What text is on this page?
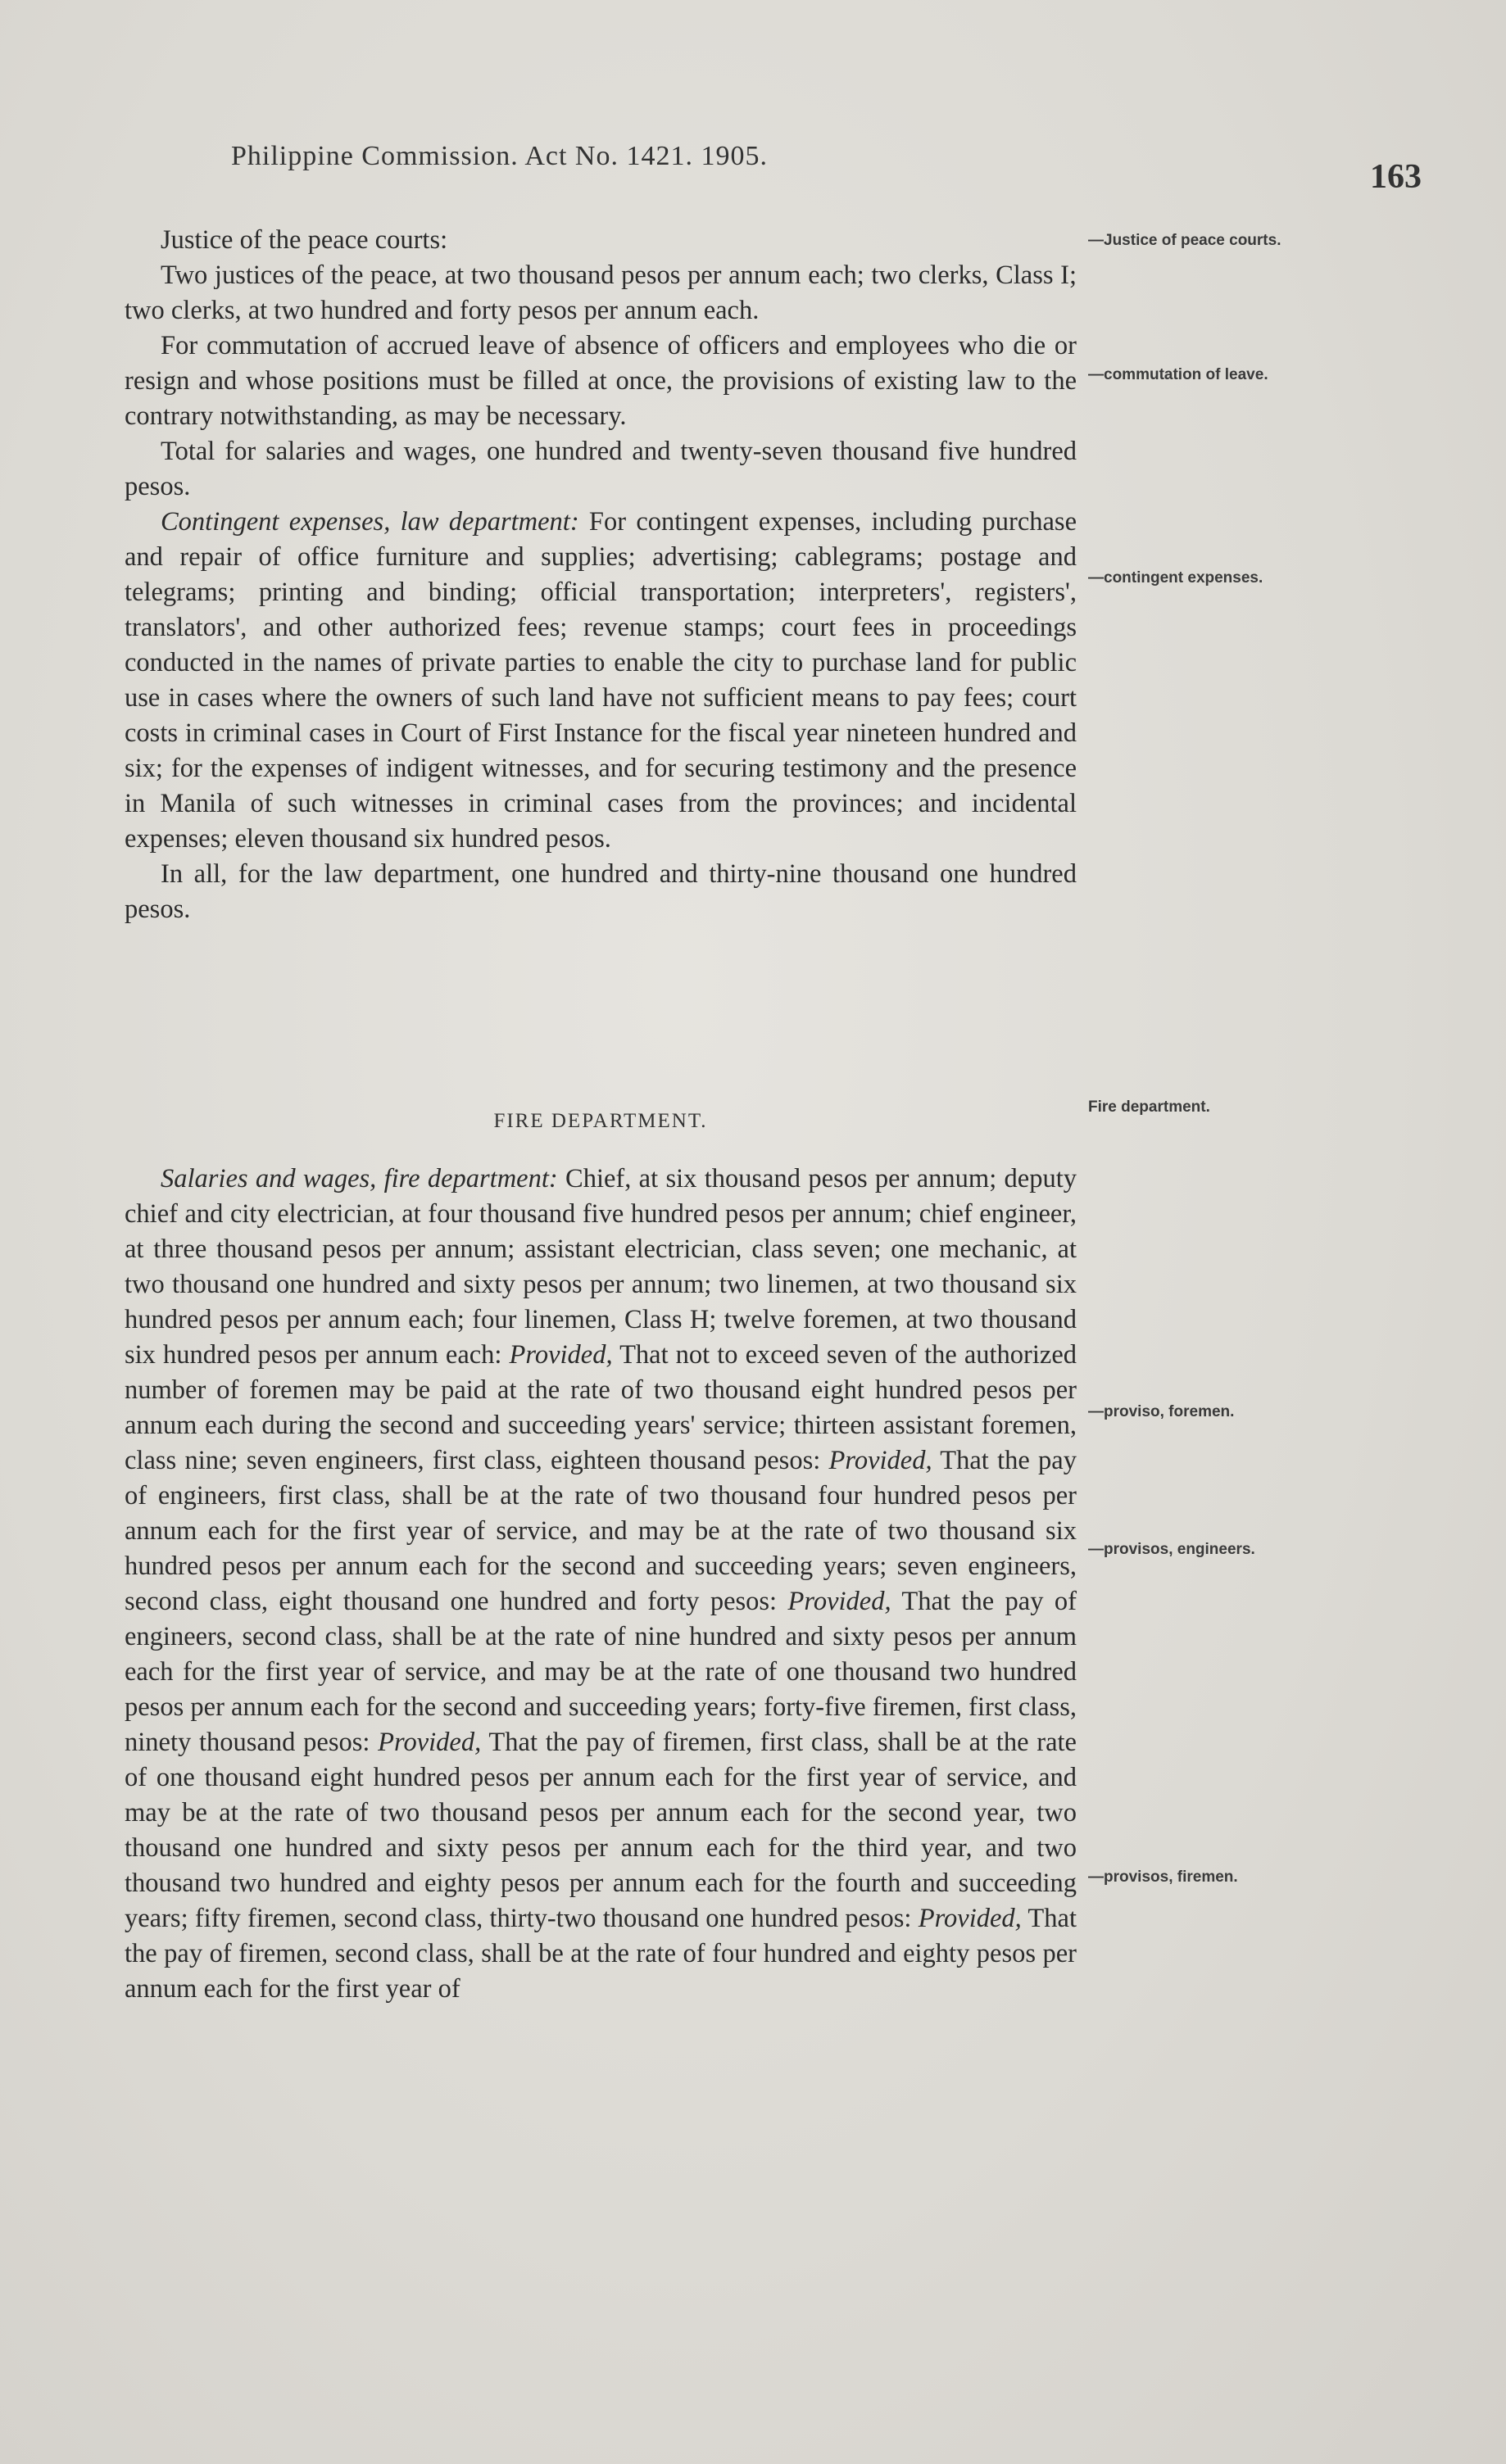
Philippine Commission. Act No. 1421. 1905.
163

Justice of the peace courts:

Two justices of the peace, at two thousand pesos per annum each; two clerks, Class I; two clerks, at two hundred and forty pesos per annum each.

For commutation of accrued leave of absence of officers and employees who die or resign and whose positions must be filled at once, the provisions of existing law to the contrary notwithstanding, as may be necessary.

Total for salaries and wages, one hundred and twenty-seven thousand five hundred pesos.

Contingent expenses, law department: For contingent expenses, including purchase and repair of office furniture and supplies; advertising; cablegrams; postage and telegrams; printing and binding; official transportation; interpreters', registers', translators', and other authorized fees; revenue stamps; court fees in proceedings conducted in the names of private parties to enable the city to purchase land for public use in cases where the owners of such land have not sufficient means to pay fees; court costs in criminal cases in Court of First Instance for the fiscal year nineteen hundred and six; for the expenses of indigent witnesses, and for securing testimony and the presence in Manila of such witnesses in criminal cases from the provinces; and incidental expenses; eleven thousand six hundred pesos.

In all, for the law department, one hundred and thirty-nine thousand one hundred pesos.

FIRE DEPARTMENT.

Salaries and wages, fire department: Chief, at six thousand pesos per annum; deputy chief and city electrician, at four thousand five hundred pesos per annum; chief engineer, at three thousand pesos per annum; assistant electrician, class seven; one mechanic, at two thousand one hundred and sixty pesos per annum; two linemen, at two thousand six hundred pesos per annum each; four linemen, Class H; twelve foremen, at two thousand six hundred pesos per annum each: Provided, That not to exceed seven of the authorized number of foremen may be paid at the rate of two thousand eight hundred pesos per annum each during the second and succeeding years' service; thirteen assistant foremen, class nine; seven engineers, first class, eighteen thousand pesos: Provided, That the pay of engineers, first class, shall be at the rate of two thousand four hundred pesos per annum each for the first year of service, and may be at the rate of two thousand six hundred pesos per annum each for the second and succeeding years; seven engineers, second class, eight thousand one hundred and forty pesos: Provided, That the pay of engineers, second class, shall be at the rate of nine hundred and sixty pesos per annum each for the first year of service, and may be at the rate of one thousand two hundred pesos per annum each for the second and succeeding years; forty-five firemen, first class, ninety thousand pesos: Provided, That the pay of firemen, first class, shall be at the rate of one thousand eight hundred pesos per annum each for the first year of service, and may be at the rate of two thousand pesos per annum each for the second year, two thousand one hundred and sixty pesos per annum each for the third year, and two thousand two hundred and eighty pesos per annum each for the fourth and succeeding years; fifty firemen, second class, thirty-two thousand one hundred pesos: Provided, That the pay of firemen, second class, shall be at the rate of four hundred and eighty pesos per annum each for the first year of

—Justice of peace courts.
—commutation of leave.
—contingent expenses.
Fire department.
—proviso, foremen.
—provisos, engineers.
—provisos, firemen.
